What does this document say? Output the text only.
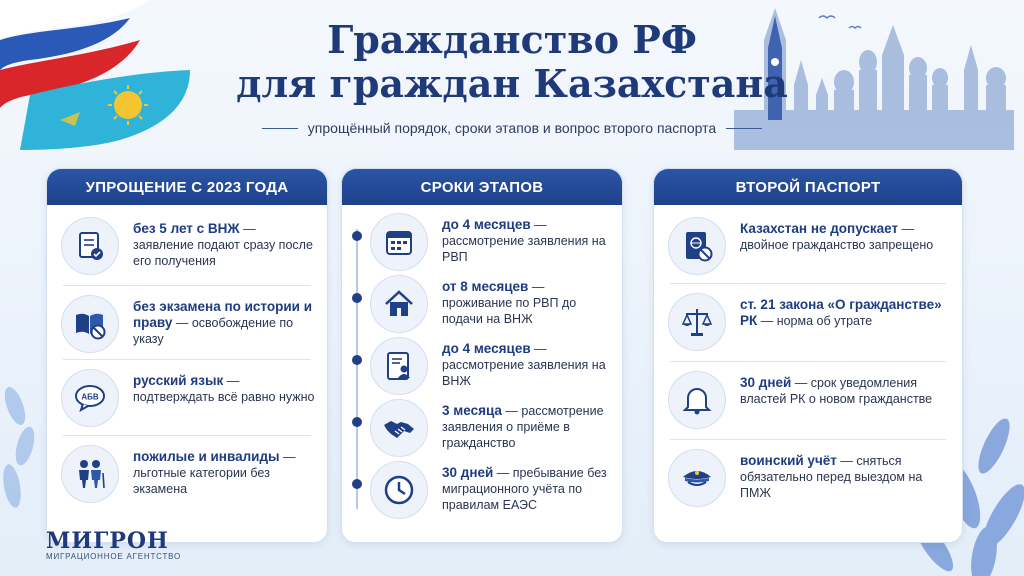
Гражданство РФ
для граждан Казахстана
упрощённый порядок, сроки этапов и вопрос второго паспорта
УПРОЩЕНИЕ С 2023 ГОДА
без 5 лет с ВНЖ — заявление подают сразу после его получения
без экзамена по истории и праву — освобождение по указу
АБВ
русский язык — подтверждать всё равно нужно
пожилые и инвалиды — льготные категории без экзамена
СРОКИ ЭТАПОВ
до 4 месяцев — рассмотрение заявления на РВП
от 8 месяцев — проживание по РВП до подачи на ВНЖ
до 4 месяцев — рассмотрение заявления на ВНЖ
3 месяца — рассмотрение заявления о приёме в гражданство
30 дней — пребывание без миграционного учёта по правилам ЕАЭС
ВТОРОЙ ПАСПОРТ
Казахстан не допускает — двойное гражданство запрещено
ст. 21 закона «О гражданстве» РК — норма об утрате
30 дней — срок уведомления властей РК о новом гражданстве
воинский учёт — сняться обязательно перед выездом на ПМЖ
МИГРОН
МИГРАЦИОННОЕ АГЕНТСТВО
